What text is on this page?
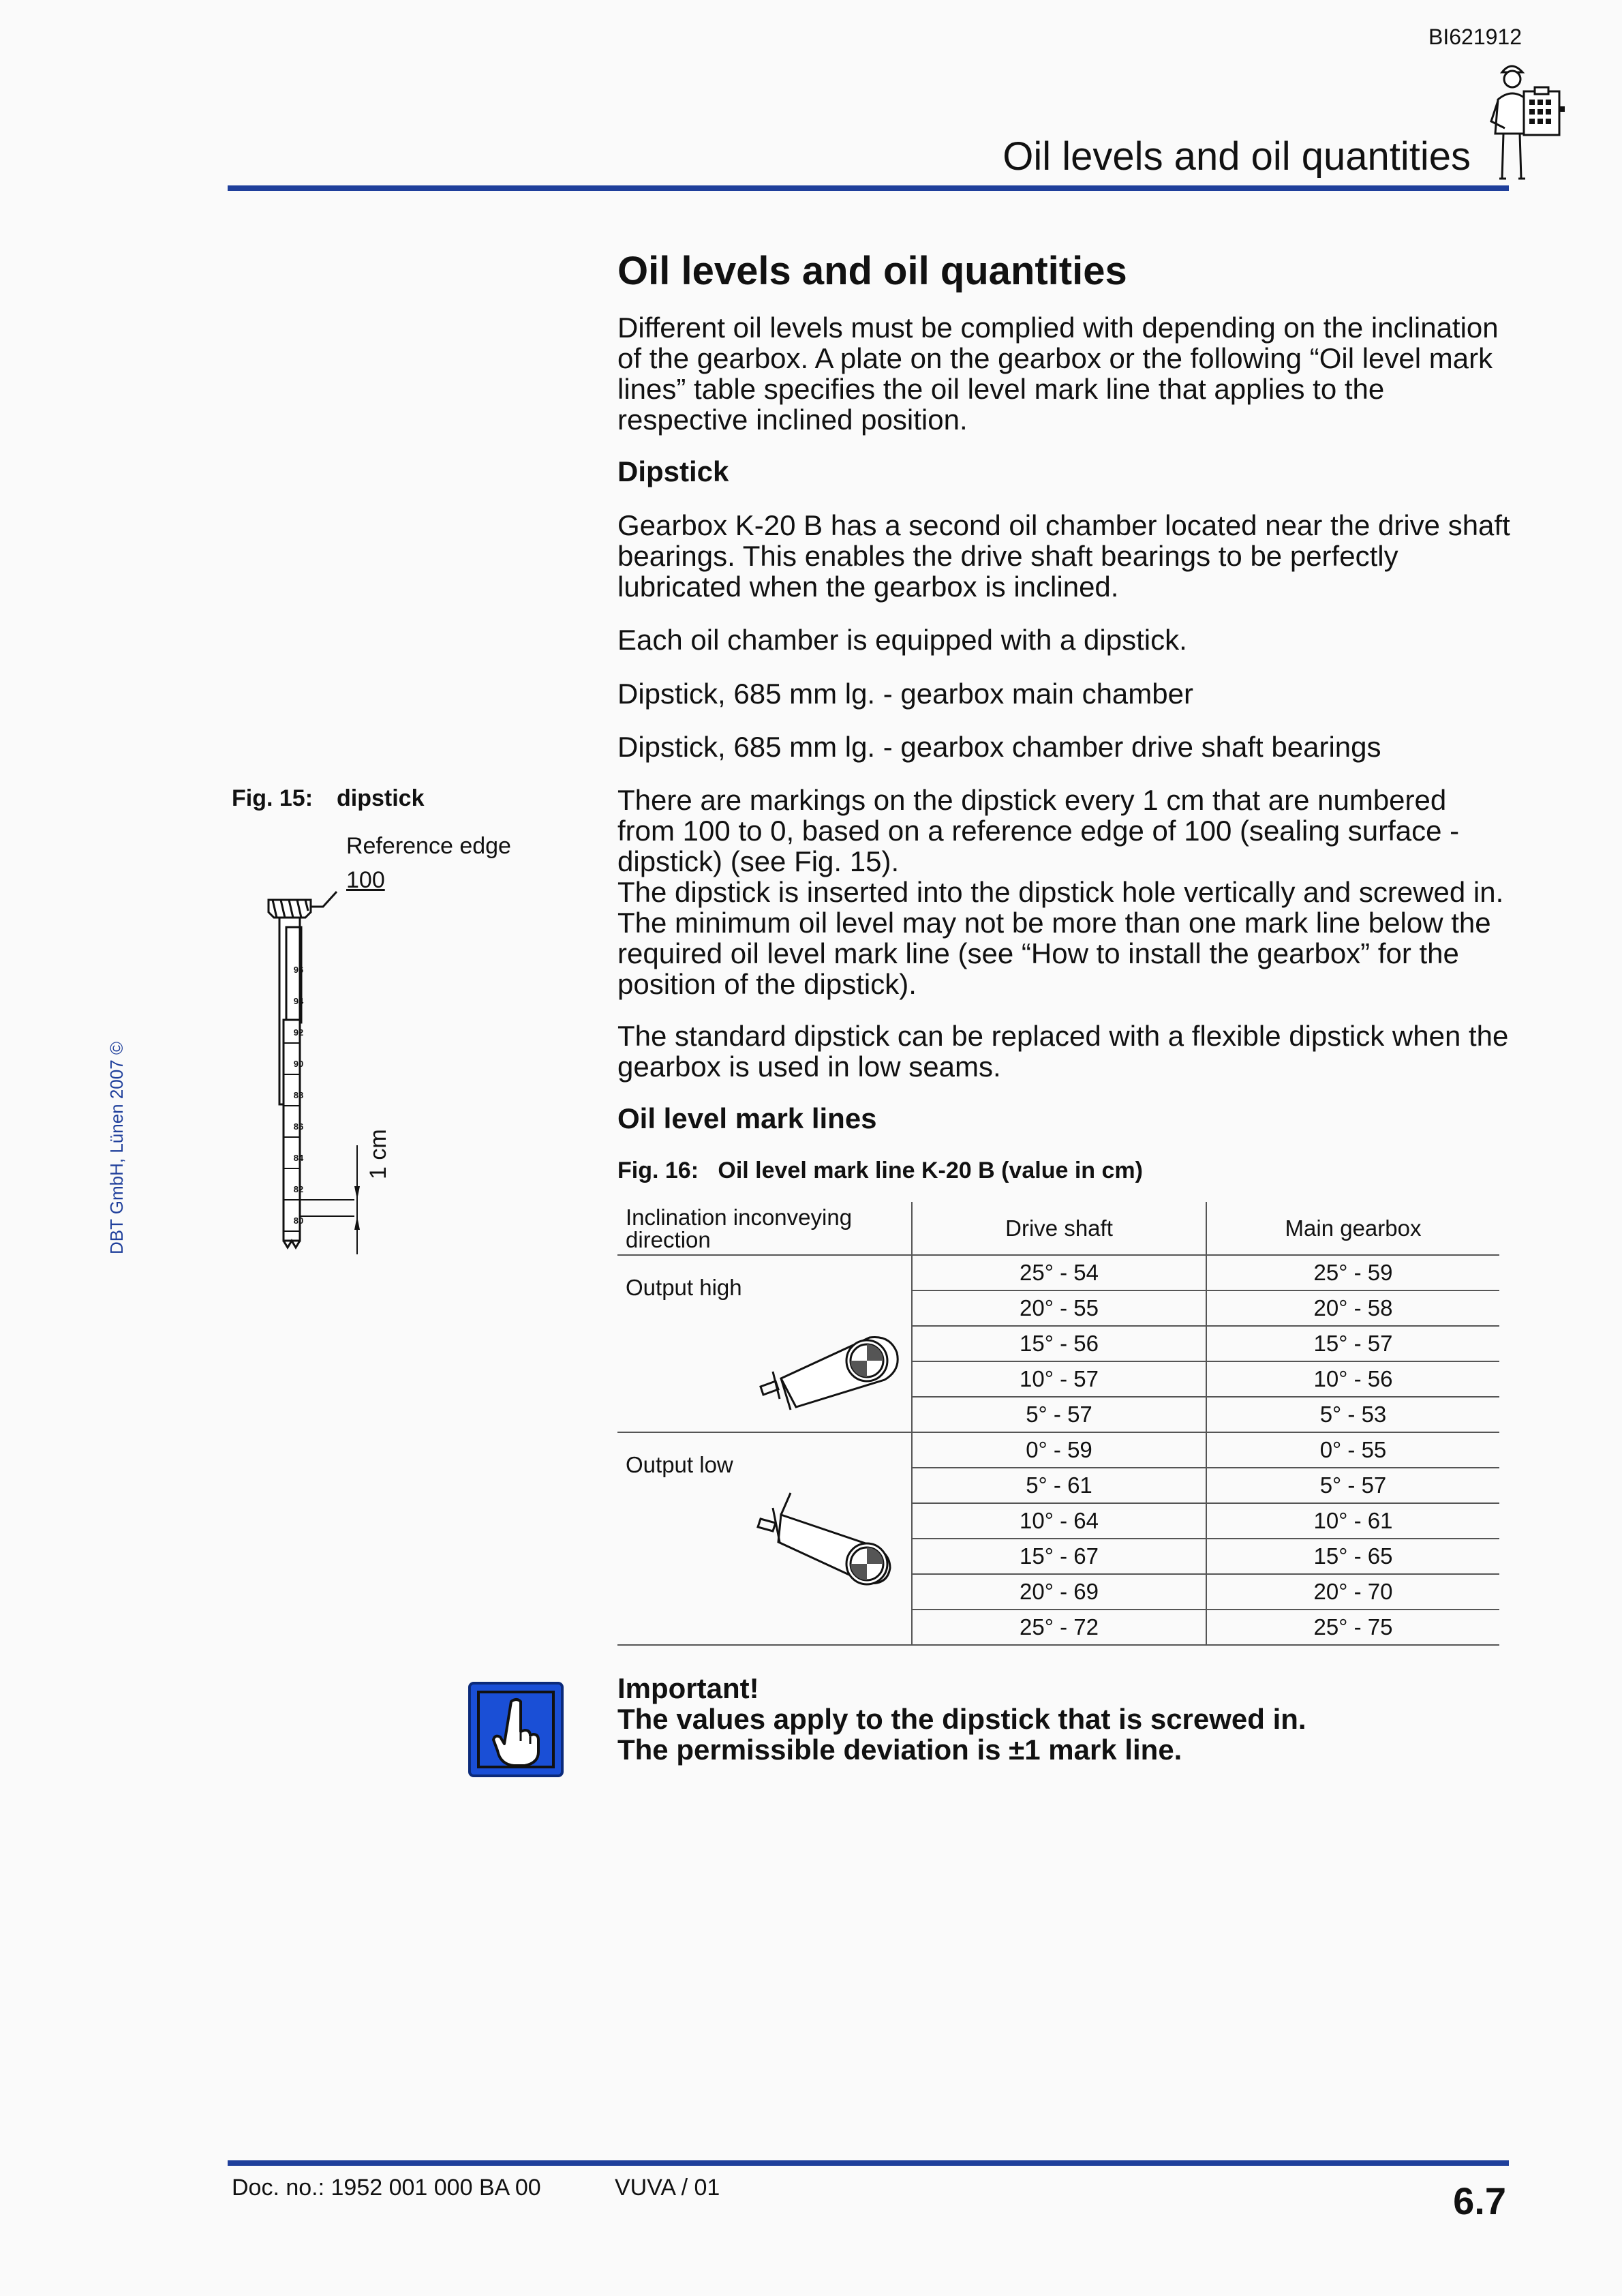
BI621912
Oil levels and oil quantities
Oil levels and oil quantities
Different oil levels must be complied with depending on the inclination of the gearbox. A plate on the gearbox or the following “Oil level mark lines” table specifies the oil level mark line that applies to the respective inclined position.
Dipstick
Gearbox K-20 B has a second oil chamber located near the drive shaft bearings. This enables the drive shaft bearings to be perfectly lubricated when the gearbox is inclined.
Each oil chamber is equipped with a dipstick.
Dipstick, 685 mm lg. - gearbox main chamber
Dipstick, 685 mm lg. - gearbox chamber drive shaft bearings
There are markings on the dipstick every 1 cm that are numbered from 100 to 0, based on a reference edge of 100 (sealing surface - dipstick) (see Fig. 15).
The dipstick is inserted into the dipstick hole vertically and screwed in. The minimum oil level may not be more than one mark line below the required oil level mark line (see “How to install the gearbox” for the position of the dipstick).
The standard dipstick can be replaced with a flexible dipstick when the gearbox is used in low seams.
Oil level mark lines
Fig. 15: dipstick
Reference edge
100
96
94
92
90
88
86
84
82
80
1 cm
DBT GmbH, Lünen 2007 ©	Fig. 16: Oil level mark line K-20 B (value in cm)
Inclination inconveying direction	Drive shaft	Main gearbox
Output high	25° - 54	25° - 59
	20° - 55	20° - 58
	15° - 56	15° - 57
	10° - 57	10° - 56
	5° - 57	5° - 53
Output low	0° - 59	0° - 55
	5° - 61	5° - 57
	10° - 64	10° - 61
	15° - 67	15° - 65
	20° - 69	20° - 70
	25° - 72	25° - 75
Important!
The values apply to the dipstick that is screwed in.
The permissible deviation is ±1 mark line.
Doc. no.: 1952 001 000 BA 00	VUVA / 01	6.7
